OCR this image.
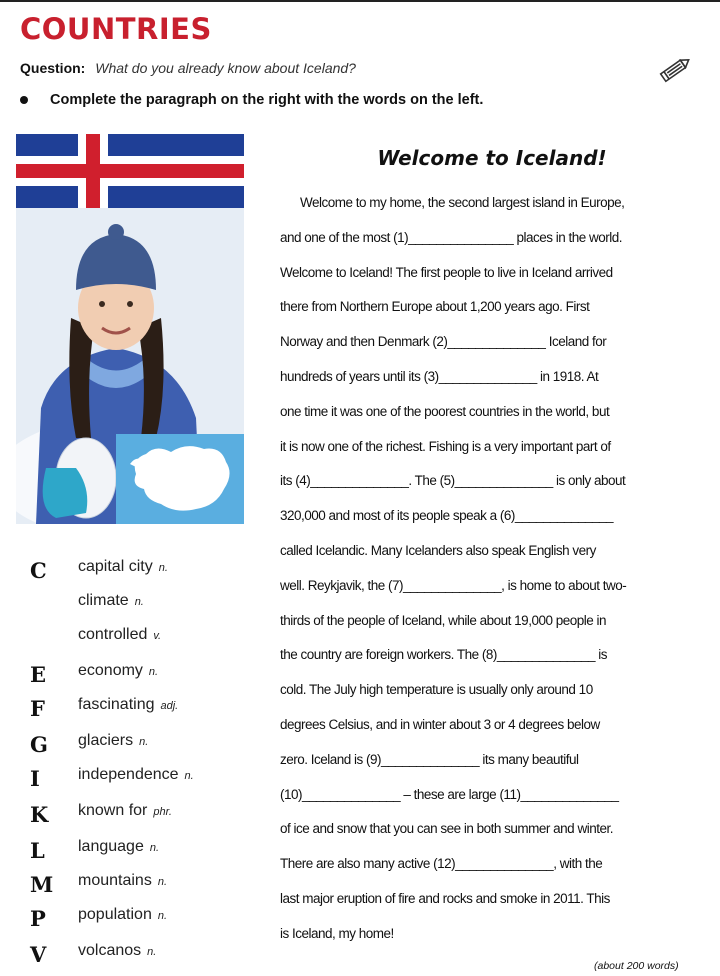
COUNTRIES
Question: What do you already know about Iceland?
Complete the paragraph on the right with the words on the left.
Welcome to Iceland!
Welcome to my home, the second largest island in Europe,
and one of the most (1)_______________ places in the world.
Welcome to Iceland! The first people to live in Iceland arrived
there from Northern Europe about 1,200 years ago. First
Norway and then Denmark (2)______________ Iceland for
hundreds of years until its (3)______________ in 1918. At
one time it was one of the poorest countries in the world, but
it is now one of the richest. Fishing is a very important part of
its (4)______________. The (5)______________ is only about
320,000 and most of its people speak a (6)______________
called Icelandic. Many Icelanders also speak English very
well. Reykjavik, the (7)______________, is home to about two-
thirds of the people of Iceland, while about 19,000 people in
the country are foreign workers. The (8)______________ is
cold. The July high temperature is usually only around 10
degrees Celsius, and in winter about 3 or 4 degrees below
zero. Iceland is (9)______________ its many beautiful
(10)______________ – these are large (11)______________
of ice and snow that you can see in both summer and winter.
There are also many active (12)______________, with the
last major eruption of fire and rocks and smoke in 2011. This
is Iceland, my home!
C	capital city n.
climate n.
controlled v.
E	economy n.
F	fascinating adj.
G	glaciers n.
I	independence n.
K	known for phr.
L	language n.
M mountains n.
P	population n.
V	volcanos n.
(about 200 words)
